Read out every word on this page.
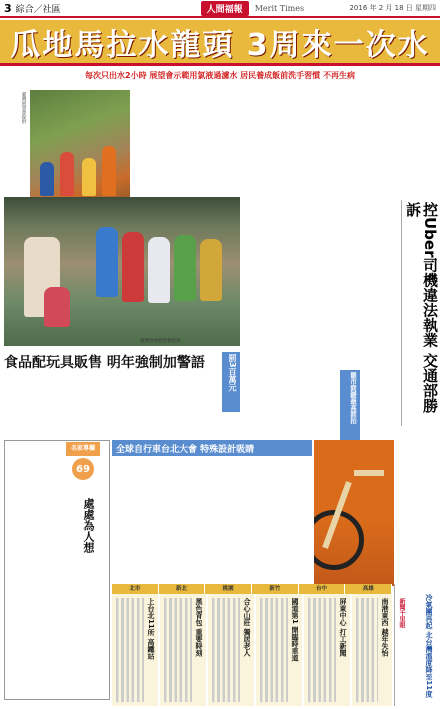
3 綜合／社區	人間福報	Merit Times	2016 年 2 月 18 日 星期四
瓜地馬拉水龍頭 3周來一次水
每次只出水2小時 展望會示範用氯液過濾水 居民養成飯前洗手習慣 不再生病
臺灣展望會提供
臺灣世界展望會提供	控Uber司機違法執業 交通部勝訴
食品配玩具販售 明年強制加警語	罰3百萬元	罷市罰鍰最高罰拍
名家專欄
69
處處為人想
全球自行車台北大會 特殊設計吸睛
北市	新北	桃園	新竹	台中	高雄
上台北11所 高鐵站	黑色背包 重要時刻	合心山莊 獨居老人	國道第1 開臨時車道	屏東中心 打工新聞	南港東西 越年失怡	新聞千里眼	冷氣團再起 北台灣溫度降至11度
